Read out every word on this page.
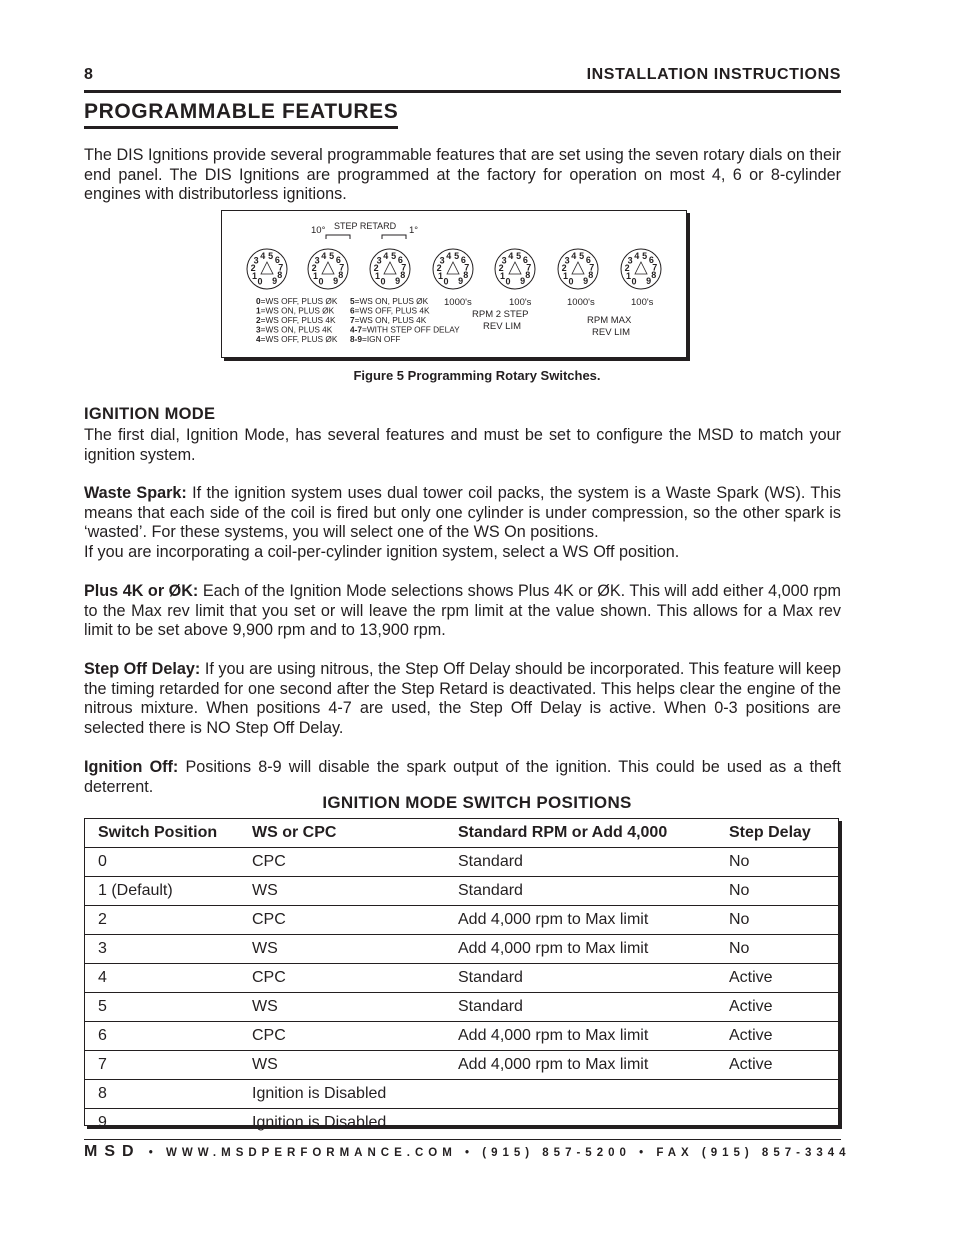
8	INSTALLATION INSTRUCTIONS
PROGRAMMABLE FEATURES
The DIS Ignitions provide several programmable features that are set using the seven rotary dials on their end panel. The DIS Ignitions are programmed at the factory for operation on most 4, 6 or 8-cylinder engines with distributorless ignitions.
10° STEP RETARD 1°
0
1
2
3 4 5 6
7
8
9	0
1
2
3 4 5 6
7
8
9	0
1
2
3 4 5 6
7
8
9	0
1
2
3 4 5 6
7
8
9	0
1
2
3 4 5 6
7
8
9	0
1
2
3 4 5 6
7
8
9	0
1
2
3 4 5 6
7
8
9
0=WS OFF, PLUS ØK
1=WS ON, PLUS ØK
2=WS OFF, PLUS 4K
3=WS ON, PLUS 4K
4=WS OFF, PLUS ØK
5=WS ON, PLUS ØK
6=WS OFF, PLUS 4K
7=WS ON, PLUS 4K
4-7=WITH STEP OFF DELAY
8-9=IGN OFF
1000's	100's
RPM 2 STEP
REV LIM
1000's	100's
RPM MAX
REV LIM
Figure 5 Programming Rotary Switches.
IGNITION MODE
The first dial, Ignition Mode, has several features and must be set to configure the MSD to match your ignition system.
Waste Spark: If the ignition system uses dual tower coil packs, the system is a Waste Spark (WS). This means that each side of the coil is fired but only one cylinder is under compression, so the other spark is ‘wasted’. For these systems, you will select one of the WS On positions.
If you are incorporating a coil-per-cylinder ignition system, select a WS Off position.
Plus 4K or ØK: Each of the Ignition Mode selections shows Plus 4K or ØK. This will add either 4,000 rpm to the Max rev limit that you set or will leave the rpm limit at the value shown. This allows for a Max rev limit to be set above 9,900 rpm and to 13,900 rpm.
Step Off Delay: If you are using nitrous, the Step Off Delay should be incorporated. This feature will keep the timing retarded for one second after the Step Retard is deactivated. This helps clear the engine of the nitrous mixture. When positions 4-7 are used, the Step Off Delay is active. When 0-3 positions are selected there is NO Step Off Delay.
Ignition Off: Positions 8-9 will disable the spark output of the ignition. This could be used as a theft deterrent.
IGNITION MODE SWITCH POSITIONS
Switch Position	WS or CPC	Standard RPM or Add 4,000	Step Delay
0	CPC	Standard	No
1 (Default)	WS	Standard	No
2	CPC	Add 4,000 rpm to Max limit	No
3	WS	Add 4,000 rpm to Max limit	No
4	CPC	Standard	Active
5	WS	Standard	Active
6	CPC	Add 4,000 rpm to Max limit	Active
7	WS	Add 4,000 rpm to Max limit	Active
8	Ignition is Disabled		
9	Ignition is Disabled		
MSD • WWW.MSDPERFORMANCE.COM • (915) 857-5200 • FAX (915) 857-3344
